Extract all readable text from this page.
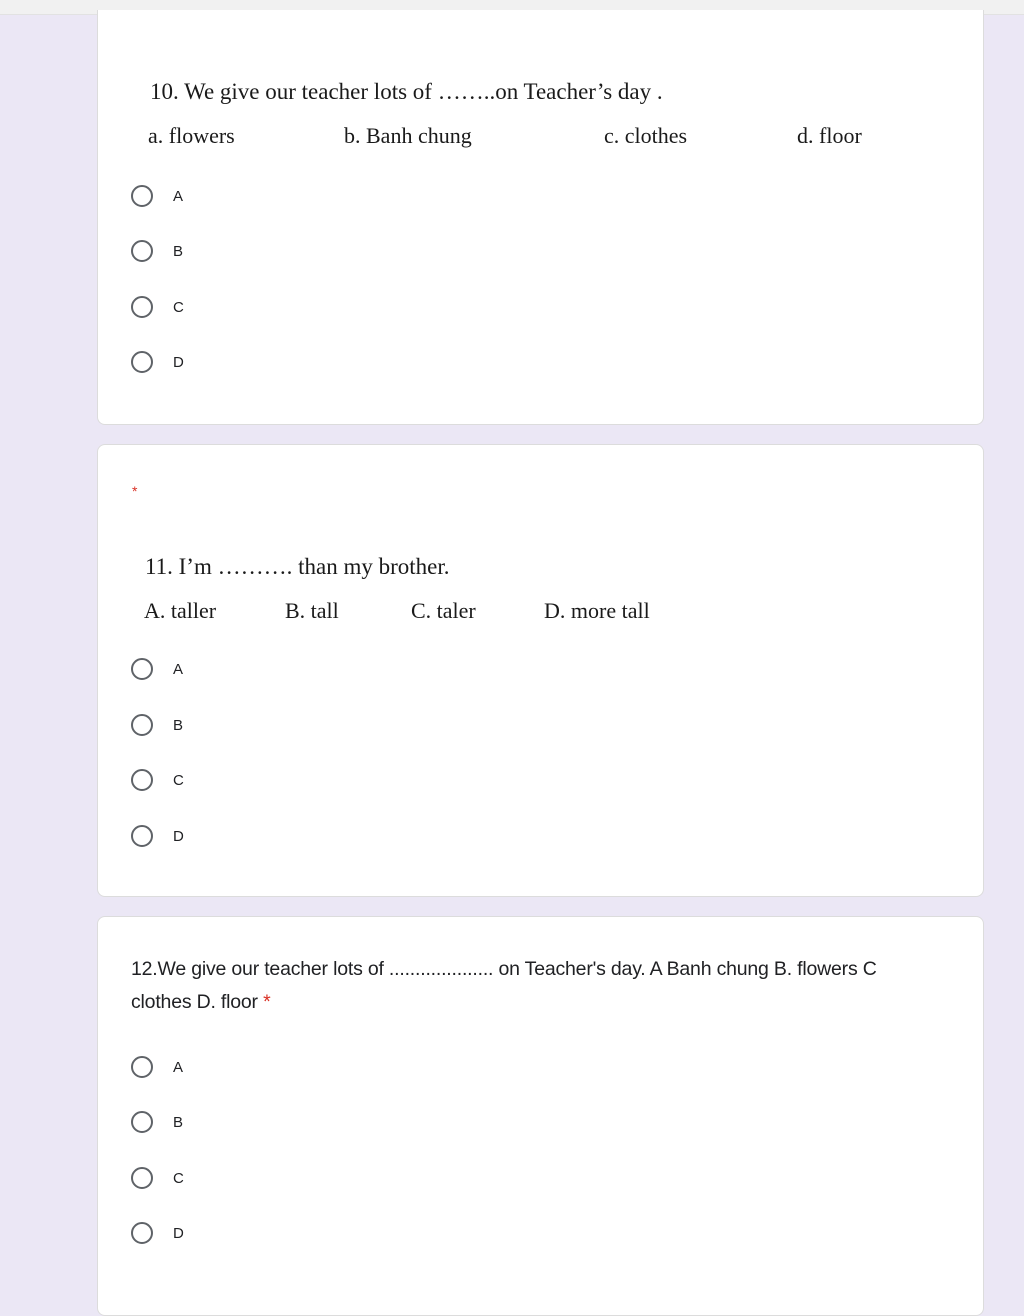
10. We give our teacher lots of ……..on Teacher’s day .
a. flowers	b. Banh chung	c. clothes	d. floor
A
B
C
D
*
11. I’m ………. than my brother.
A. taller	B. tall	C. taler	D. more tall
A
B
C
D
12.We give our teacher lots of .................... on Teacher's day. A Banh chung B. flowers C clothes D. floor *
A
B
C
D
